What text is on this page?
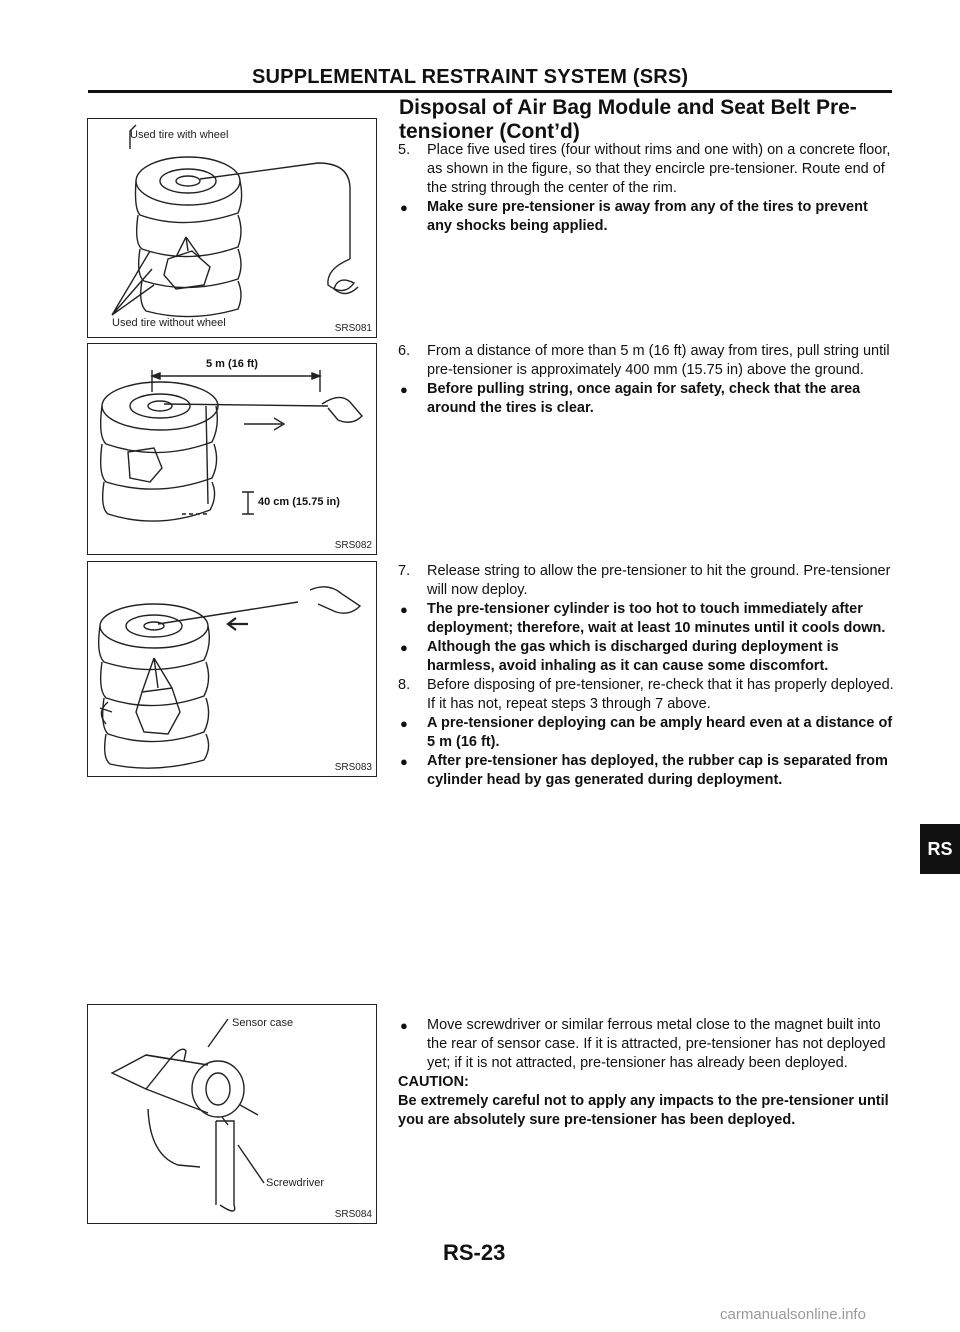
SUPPLEMENTAL RESTRAINT SYSTEM (SRS)
Disposal of Air Bag Module and Seat Belt Pre-tensioner (Cont’d)
Used tire with wheel
Used tire without wheel	SRS081
5 m (16 ft)
40 cm (15.75 in)
SRS082
SRS083
Sensor case
Screwdriver
SRS084

5. Place five used tires (four without rims and one with) on a concrete floor, as shown in the figure, so that they encircle pre-tensioner. Route end of the string through the center of the rim.

● Make sure pre-tensioner is away from any of the tires to prevent any shocks being applied.

6. From a distance of more than 5 m (16 ft) away from tires, pull string until pre-tensioner is approximately 400 mm (15.75 in) above the ground.

● Before pulling string, once again for safety, check that the area around the tires is clear.

7. Release string to allow the pre-tensioner to hit the ground. Pre-tensioner will now deploy.

● The pre-tensioner cylinder is too hot to touch immediately after deployment; therefore, wait at least 10 minutes until it cools down.

● Although the gas which is discharged during deployment is harmless, avoid inhaling as it can cause some discomfort.

8. Before disposing of pre-tensioner, re-check that it has properly deployed. If it has not, repeat steps 3 through 7 above.

● A pre-tensioner deploying can be amply heard even at a distance of 5 m (16 ft).

● After pre-tensioner has deployed, the rubber cap is separated from cylinder head by gas generated during deployment.

● Move screwdriver or similar ferrous metal close to the magnet built into the rear of sensor case. If it is attracted, pre-tensioner has not deployed yet; if it is not attracted, pre-tensioner has already been deployed.

CAUTION:

Be extremely careful not to apply any impacts to the pre-tensioner until you are absolutely sure pre-tensioner has been deployed.

RS
RS-23
carmanualsonline.info
